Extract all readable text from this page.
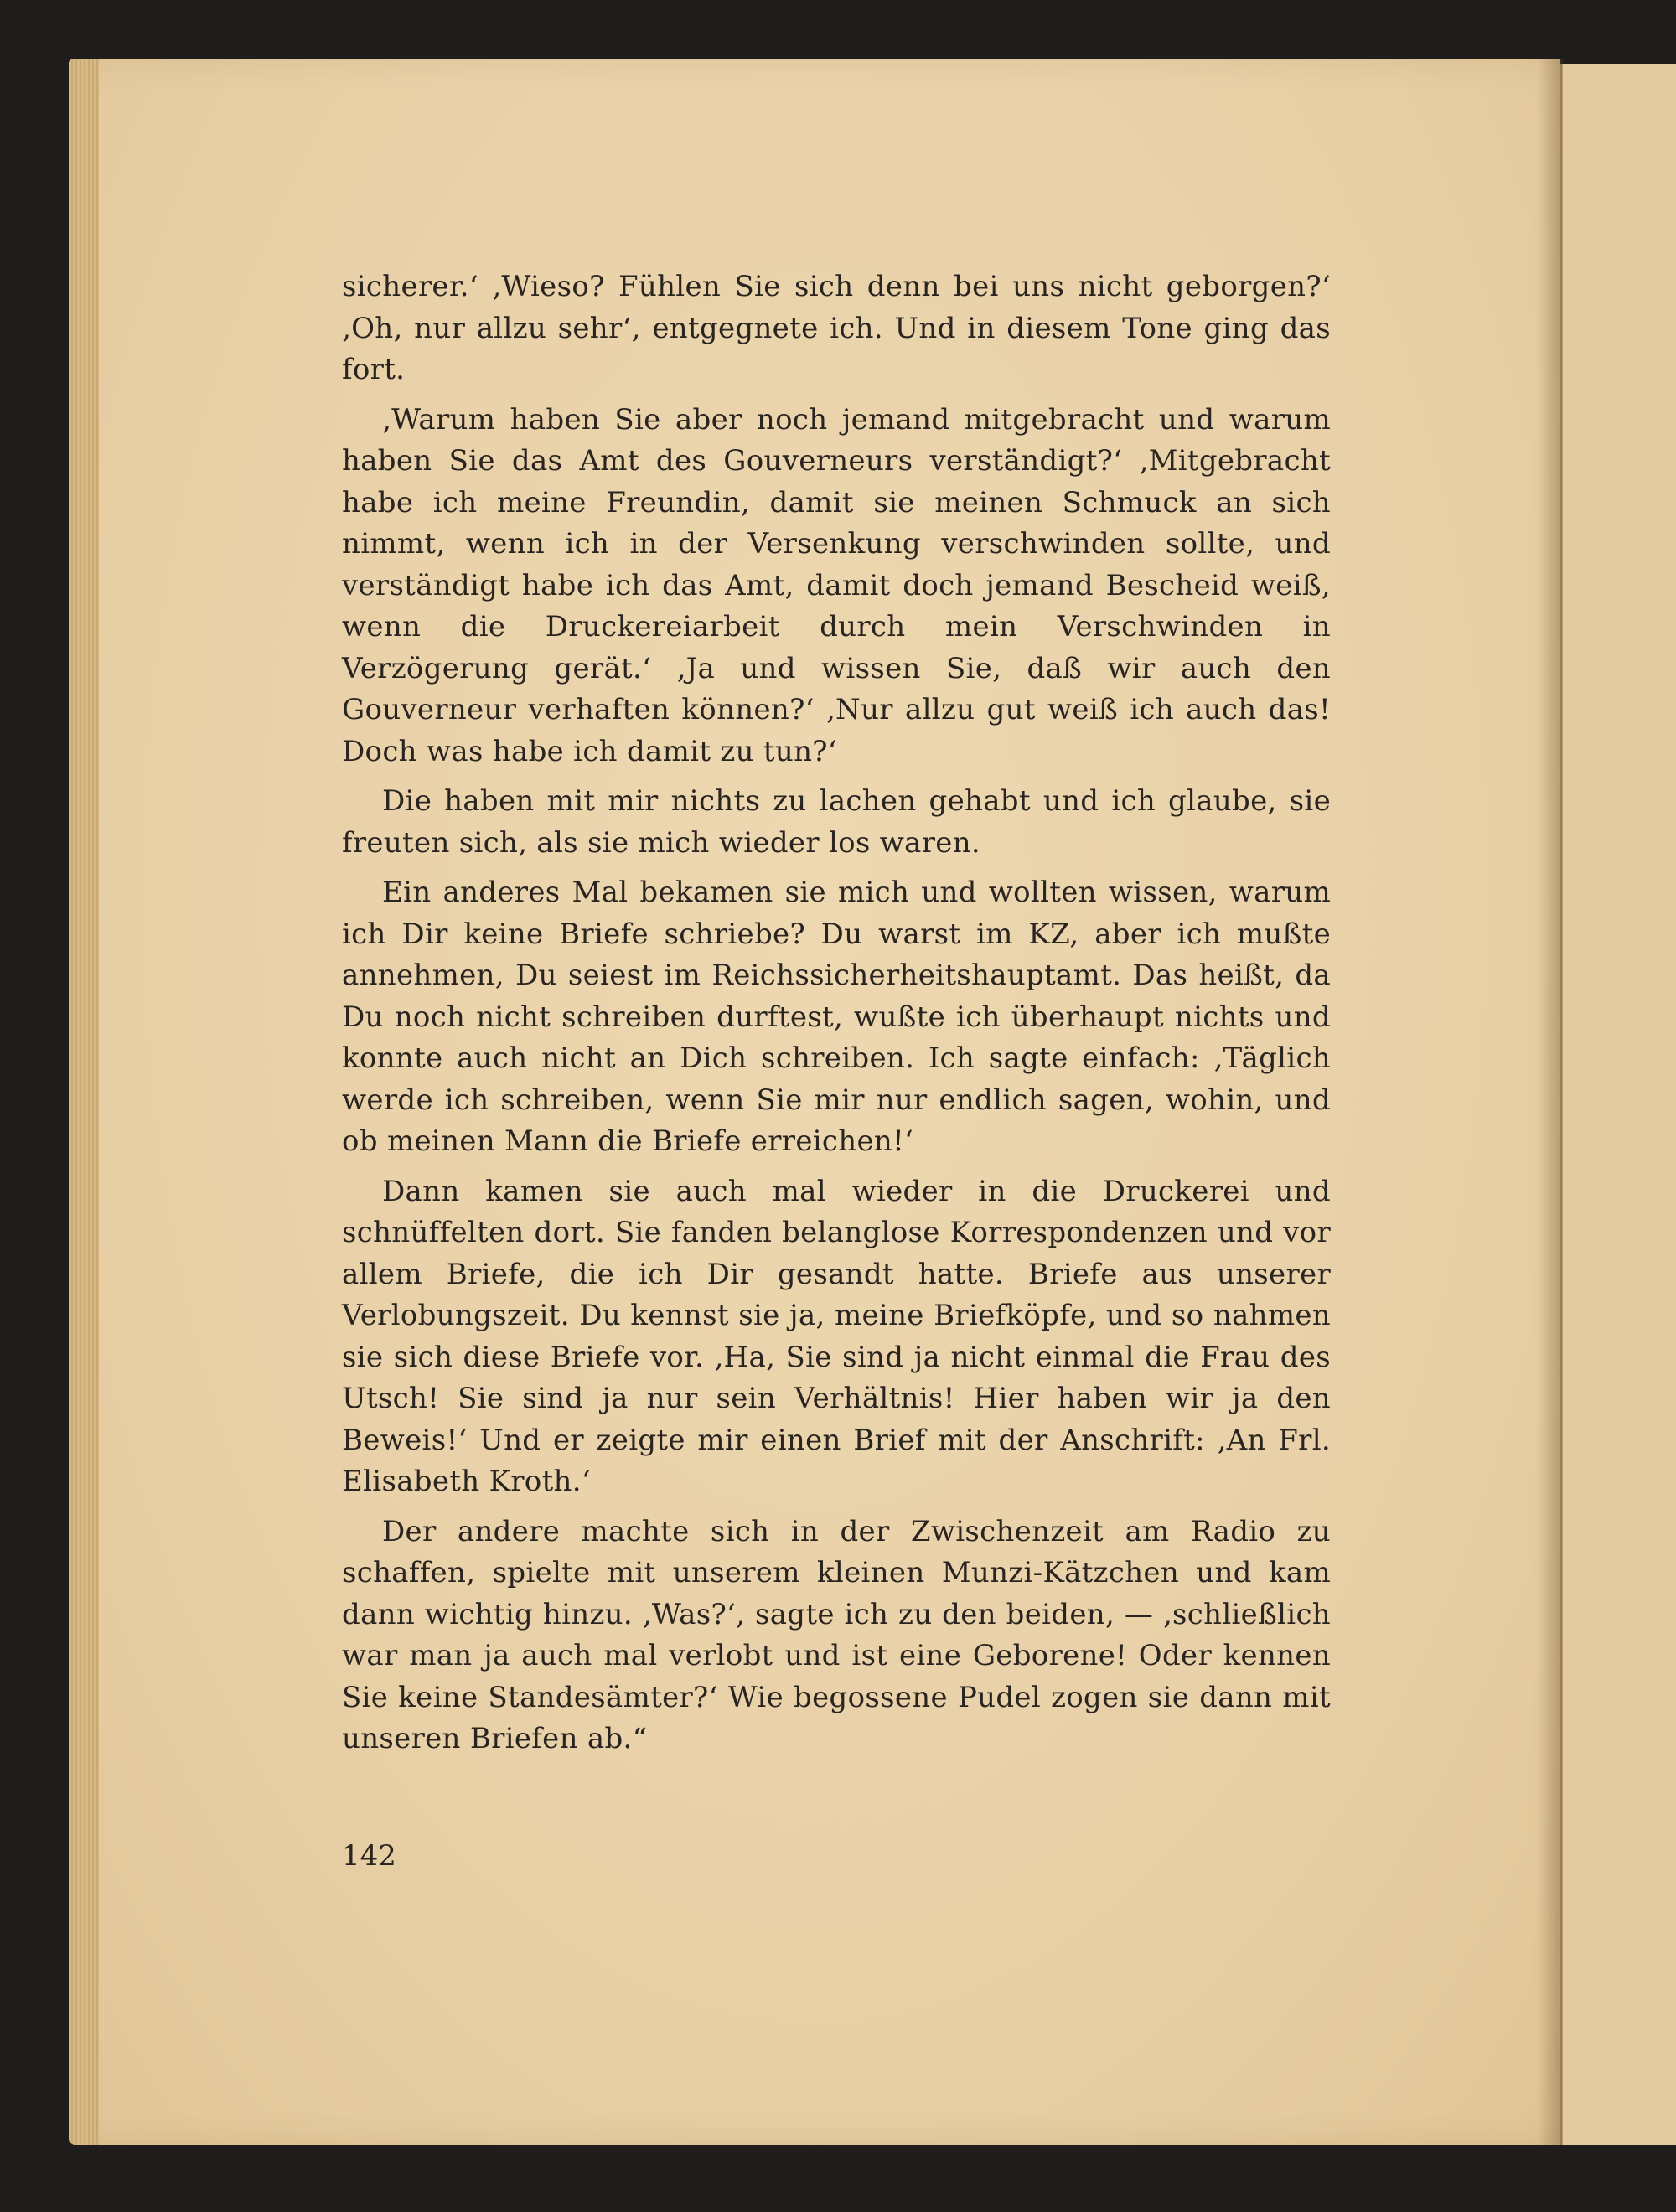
sicherer.‘ ‚Wieso? Fühlen Sie sich denn bei uns nicht geborgen?‘ ‚Oh, nur allzu sehr‘, entgegnete ich. Und in diesem Tone ging das fort.

‚Warum haben Sie aber noch jemand mitgebracht und warum haben Sie das Amt des Gouverneurs verständigt?‘ ‚Mitgebracht habe ich meine Freundin, damit sie meinen Schmuck an sich nimmt, wenn ich in der Versenkung verschwinden sollte, und verständigt habe ich das Amt, damit doch jemand Bescheid weiß, wenn die Druckereiarbeit durch mein Verschwinden in Verzögerung gerät.‘ ‚Ja und wissen Sie, daß wir auch den Gouverneur verhaften können?‘ ‚Nur allzu gut weiß ich auch das! Doch was habe ich damit zu tun?‘

Die haben mit mir nichts zu lachen gehabt und ich glaube, sie freuten sich, als sie mich wieder los waren.

Ein anderes Mal bekamen sie mich und wollten wissen, warum ich Dir keine Briefe schriebe? Du warst im KZ, aber ich mußte annehmen, Du seiest im Reichssicherheitshauptamt. Das heißt, da Du noch nicht schreiben durftest, wußte ich überhaupt nichts und konnte auch nicht an Dich schreiben. Ich sagte einfach: ‚Täglich werde ich schreiben, wenn Sie mir nur endlich sagen, wohin, und ob meinen Mann die Briefe erreichen!‘

Dann kamen sie auch mal wieder in die Druckerei und schnüffelten dort. Sie fanden belanglose Korrespondenzen und vor allem Briefe, die ich Dir gesandt hatte. Briefe aus unserer Verlobungszeit. Du kennst sie ja, meine Briefköpfe, und so nahmen sie sich diese Briefe vor. ‚Ha, Sie sind ja nicht einmal die Frau des Utsch! Sie sind ja nur sein Verhältnis! Hier haben wir ja den Beweis!‘ Und er zeigte mir einen Brief mit der Anschrift: ‚An Frl. Elisabeth Kroth.‘

Der andere machte sich in der Zwischenzeit am Radio zu schaffen, spielte mit unserem kleinen Munzi-Kätzchen und kam dann wichtig hinzu. ‚Was?‘, sagte ich zu den beiden, — ‚schließlich war man ja auch mal verlobt und ist eine Geborene! Oder kennen Sie keine Standesämter?‘ Wie begossene Pudel zogen sie dann mit unseren Briefen ab.“

142
